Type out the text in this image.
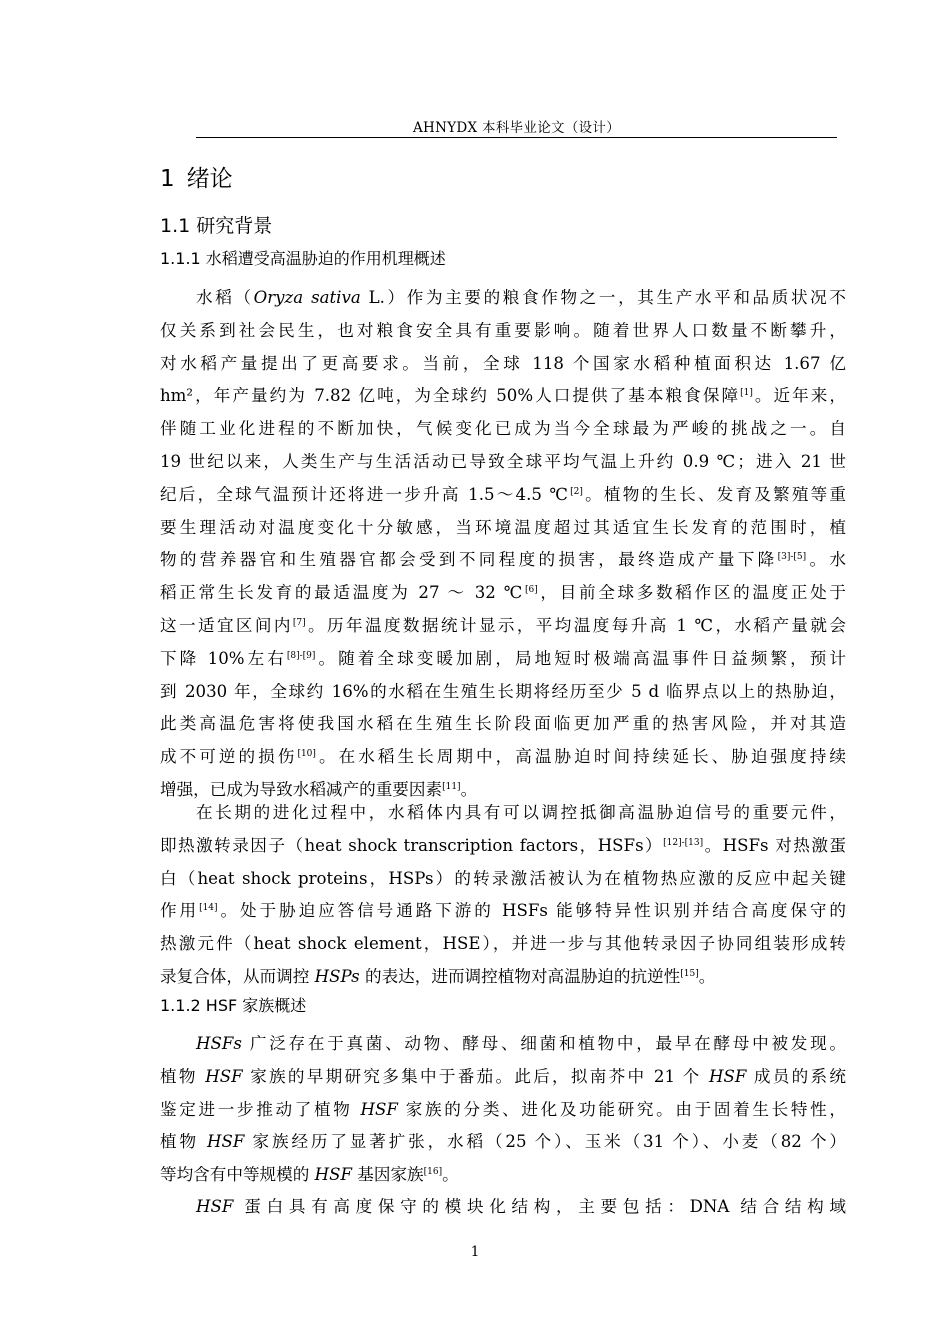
AHNYDX 本科毕业论文（设计）
1 绪论
1.1 研究背景
1.1.1 水稻遭受高温胁迫的作用机理概述
水稻（Oryza sativa L.）作为主要的粮食作物之一，其生产水平和品质状况不
仅关系到社会民生，也对粮食安全具有重要影响。随着世界人口数量不断攀升，
对水稻产量提出了更高要求。当前，全球 118 个国家水稻种植面积达 1.67 亿
hm²，年产量约为 7.82 亿吨，为全球约 50%人口提供了基本粮食保障[1]。近年来，
伴随工业化进程的不断加快，气候变化已成为当今全球最为严峻的挑战之一。自
19 世纪以来，人类生产与生活活动已导致全球平均气温上升约 0.9 ℃；进入 21 世
纪后，全球气温预计还将进一步升高 1.5～4.5 ℃[2]。植物的生长、发育及繁殖等重
要生理活动对温度变化十分敏感，当环境温度超过其适宜生长发育的范围时，植
物的营养器官和生殖器官都会受到不同程度的损害，最终造成产量下降[3]-[5]。水
稻正常生长发育的最适温度为 27 ～ 32 ℃[6]，目前全球多数稻作区的温度正处于
这一适宜区间内[7]。历年温度数据统计显示，平均温度每升高 1 ℃，水稻产量就会
下降 10%左右[8]-[9]。随着全球变暖加剧，局地短时极端高温事件日益频繁，预计
到 2030 年，全球约 16%的水稻在生殖生长期将经历至少 5 d 临界点以上的热胁迫，
此类高温危害将使我国水稻在生殖生长阶段面临更加严重的热害风险，并对其造
成不可逆的损伤[10]。在水稻生长周期中，高温胁迫时间持续延长、胁迫强度持续
增强，已成为导致水稻减产的重要因素[11]。
在长期的进化过程中，水稻体内具有可以调控抵御高温胁迫信号的重要元件，
即热激转录因子（heat shock transcription factors，HSFs）[12]-[13]。HSFs 对热激蛋
白（heat shock proteins，HSPs）的转录激活被认为在植物热应激的反应中起关键
作用[14]。处于胁迫应答信号通路下游的 HSFs 能够特异性识别并结合高度保守的
热激元件（heat shock element，HSE），并进一步与其他转录因子协同组装形成转
录复合体，从而调控 HSPs 的表达，进而调控植物对高温胁迫的抗逆性[15]。
1.1.2 HSF 家族概述
HSFs 广泛存在于真菌、动物、酵母、细菌和植物中，最早在酵母中被发现。
植物 HSF 家族的早期研究多集中于番茄。此后，拟南芥中 21 个 HSF 成员的系统
鉴定进一步推动了植物 HSF 家族的分类、进化及功能研究。由于固着生长特性，
植物 HSF 家族经历了显著扩张，水稻（25 个）、玉米（31 个）、小麦（82 个）
等均含有中等规模的 HSF 基因家族[16]。
HSF 蛋白具有高度保守的模块化结构，主要包括：DNA 结合结构域
1
